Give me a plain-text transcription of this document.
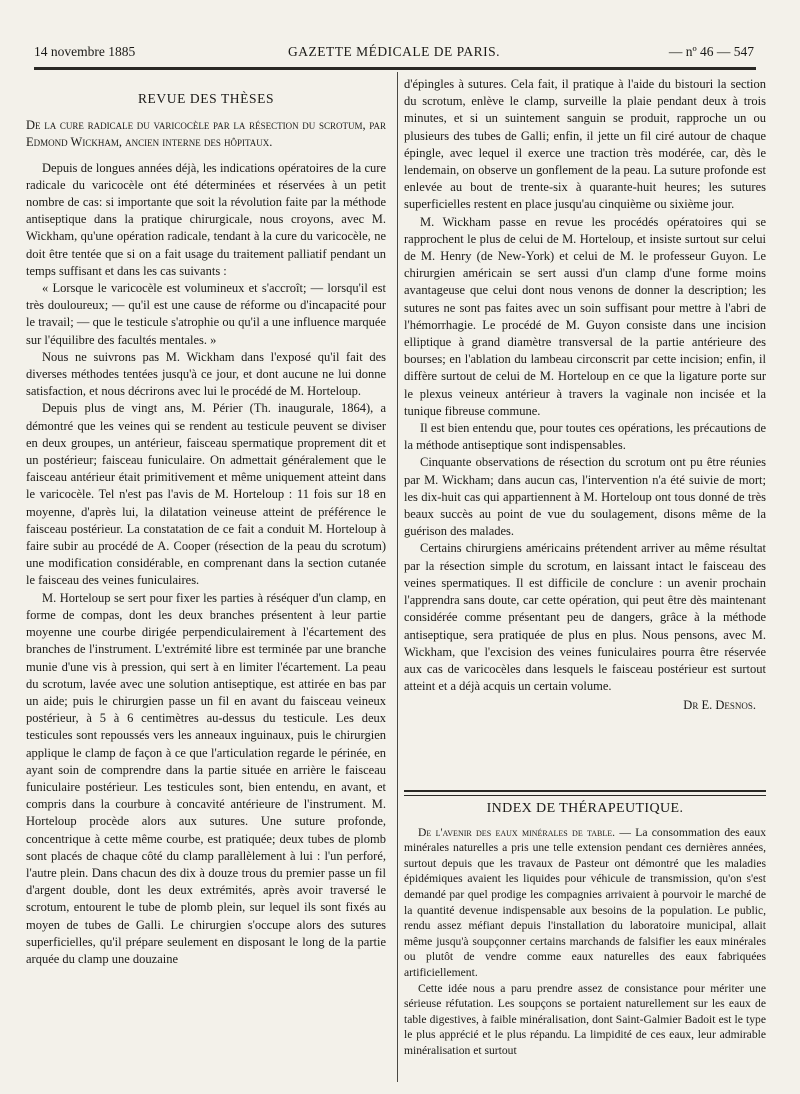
14 novembre 1885	GAZETTE MÉDICALE DE PARIS.	— nº 46 — 547
REVUE DES THÈSES

De la cure radicale du varicocèle par la résection du scrotum, par Edmond Wickham, ancien interne des hôpitaux.

Depuis de longues années déjà, les indications opératoires de la cure radicale du varicocèle ont été déterminées et réservées à un petit nombre de cas: si importante que soit la révolution faite par la méthode antiseptique dans la pratique chirurgicale, nous croyons, avec M. Wickham, qu'une opération radicale, tendant à la cure du varicocèle, ne doit être tentée que si on a fait usage du traitement palliatif pendant un temps suffisant et dans les cas suivants :

« Lorsque le varicocèle est volumineux et s'accroît; — lorsqu'il est très douloureux; — qu'il est une cause de réforme ou d'incapacité pour le travail; — que le testicule s'atrophie ou qu'il a une influence marquée sur l'équilibre des facultés mentales. »

Nous ne suivrons pas M. Wickham dans l'exposé qu'il fait des diverses méthodes tentées jusqu'à ce jour, et dont aucune ne lui donne satisfaction, et nous décrirons avec lui le procédé de M. Horteloup.

Depuis plus de vingt ans, M. Périer (Th. inaugurale, 1864), a démontré que les veines qui se rendent au testicule peuvent se diviser en deux groupes, un antérieur, faisceau spermatique proprement dit et un postérieur; faisceau funiculaire. On admettait généralement que le faisceau antérieur était primitivement et même uniquement atteint dans le varicocèle. Tel n'est pas l'avis de M. Horteloup : 11 fois sur 18 en moyenne, d'après lui, la dilatation veineuse atteint de préférence le faisceau postérieur. La constatation de ce fait a conduit M. Horteloup à faire subir au procédé de A. Cooper (résection de la peau du scrotum) une modification considérable, en comprenant dans la section cutanée le faisceau des veines funiculaires.

M. Horteloup se sert pour fixer les parties à réséquer d'un clamp, en forme de compas, dont les deux branches présentent à leur partie moyenne une courbe dirigée perpendiculairement à l'écartement des branches de l'instrument. L'extrémité libre est terminée par une branche munie d'une vis à pression, qui sert à en limiter l'écartement. La peau du scrotum, lavée avec une solution antiseptique, est attirée en bas par un aide; puis le chirurgien passe un fil en avant du faisceau veineux postérieur, à 5 à 6 centimètres au-dessus du testicule. Les deux testicules sont repoussés vers les anneaux inguinaux, puis le chirurgien applique le clamp de façon à ce que l'articulation regarde le périnée, en ayant soin de comprendre dans la partie située en arrière le faisceau funiculaire postérieur. Les testicules sont, bien entendu, en avant, et compris dans la courbure à concavité antérieure de l'instrument. M. Horteloup procède alors aux sutures. Une suture profonde, concentrique à cette même courbe, est pratiquée; deux tubes de plomb sont placés de chaque côté du clamp parallèlement à lui : l'un perforé, l'autre plein. Dans chacun des dix à douze trous du premier passe un fil d'argent double, dont les deux extrémités, après avoir traversé le scrotum, entourent le tube de plomb plein, sur lequel ils sont fixés au moyen de tubes de Galli. Le chirurgien s'occupe alors des sutures superficielles, qu'il prépare seulement en disposant le long de la partie arquée du clamp une douzaine

d'épingles à sutures. Cela fait, il pratique à l'aide du bistouri la section du scrotum, enlève le clamp, surveille la plaie pendant deux à trois minutes, et si un suintement sanguin se produit, rapproche un ou plusieurs des tubes de Galli; enfin, il jette un fil ciré autour de chaque épingle, avec lequel il exerce une traction très modérée, car, dès le lendemain, on observe un gonflement de la peau. La suture profonde est enlevée au bout de trente-six à quarante-huit heures; les sutures superficielles restent en place jusqu'au cinquième ou sixième jour.

M. Wickham passe en revue les procédés opératoires qui se rapprochent le plus de celui de M. Horteloup, et insiste surtout sur celui de M. Henry (de New-York) et celui de M. le professeur Guyon. Le chirurgien américain se sert aussi d'un clamp d'une forme moins avantageuse que celui dont nous venons de donner la description; les sutures ne sont pas faites avec un soin suffisant pour mettre à l'abri de l'hémorrhagie. Le procédé de M. Guyon consiste dans une incision elliptique à grand diamètre transversal de la partie antérieure des bourses; en l'ablation du lambeau circonscrit par cette incision; enfin, il diffère surtout de celui de M. Horteloup en ce que la ligature porte sur le plexus veineux antérieur à travers la vaginale non incisée et la tunique fibreuse commune.

Il est bien entendu que, pour toutes ces opérations, les précautions de la méthode antiseptique sont indispensables.

Cinquante observations de résection du scrotum ont pu être réunies par M. Wickham; dans aucun cas, l'intervention n'a été suivie de mort; les dix-huit cas qui appartiennent à M. Horteloup ont tous donné de très beaux succès au point de vue du soulagement, disons même de la guérison des malades.

Certains chirurgiens américains prétendent arriver au même résultat par la résection simple du scrotum, en laissant intact le faisceau des veines spermatiques. Il est difficile de conclure : un avenir prochain l'apprendra sans doute, car cette opération, qui peut être dès maintenant considérée comme présentant peu de dangers, grâce à la méthode antiseptique, sera pratiquée de plus en plus. Nous pensons, avec M. Wickham, que l'excision des veines funiculaires pourra être réservée aux cas de varicocèles dans lesquels le faisceau postérieur est surtout atteint et a déjà acquis un certain volume.

Dr E. Desnos.
INDEX DE THÉRAPEUTIQUE.

De l'avenir des eaux minérales de table. — La consommation des eaux minérales naturelles a pris une telle extension pendant ces dernières années, surtout depuis que les travaux de Pasteur ont démontré que les maladies épidémiques avaient les liquides pour véhicule de transmission, qu'on s'est demandé par quel prodige les compagnies arrivaient à pourvoir le marché de la quantité devenue indispensable aux besoins de la population. Le public, rendu assez méfiant depuis l'installation du laboratoire municipal, allait même jusqu'à soupçonner certains marchands de falsifier les eaux minérales ou plutôt de vendre comme eaux naturelles des eaux fabriquées artificiellement.

Cette idée nous a paru prendre assez de consistance pour mériter une sérieuse réfutation. Les soupçons se portaient naturellement sur les eaux de table digestives, à faible minéralisation, dont Saint-Galmier Badoit est le type le plus apprécié et le plus répandu. La limpidité de ces eaux, leur admirable minéralisation et surtout
